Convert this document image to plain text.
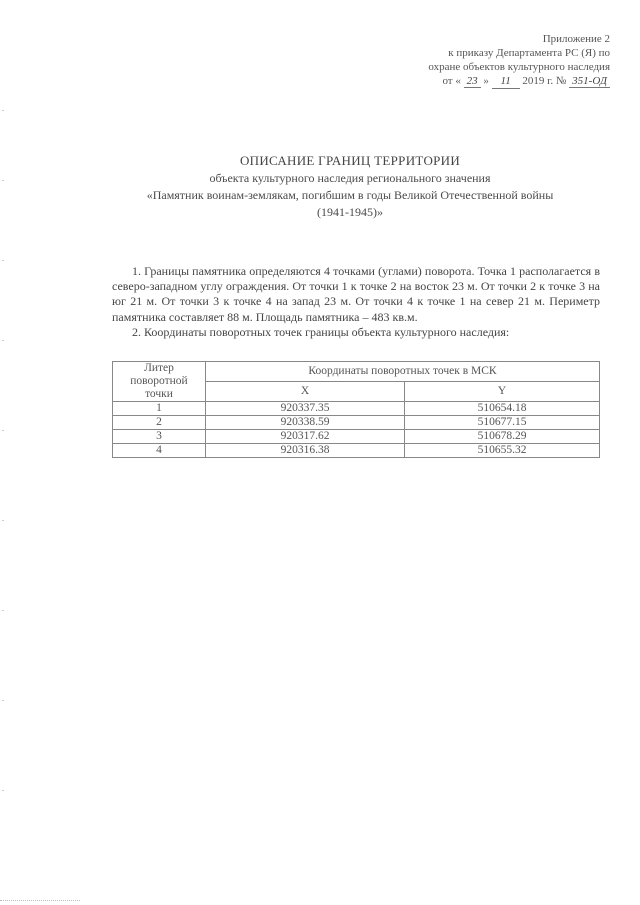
Приложение 2
к приказу Департамента РС (Я) по
охране объектов культурного наследия
от « 23 » 11 2019 г. № 351-ОД
ОПИСАНИЕ ГРАНИЦ ТЕРРИТОРИИ
объекта культурного наследия регионального значения
«Памятник воинам-землякам, погибшим в годы Великой Отечественной войны
(1941-1945)»

1. Границы памятника определяются 4 точками (углами) поворота. Точка 1 располагается в северо-западном углу ограждения. От точки 1 к точке 2 на восток 23 м. От точки 2 к точке 3 на юг 21 м. От точки 3 к точке 4 на запад 23 м. От точки 4 к точке 1 на север 21 м. Периметр памятника составляет 88 м. Площадь памятника – 483 кв.м.

2. Координаты поворотных точек границы объекта культурного наследия:

Литер поворотной точки	Координаты поворотных точек в МСК	
	X	Y
1	920337.35	510654.18
2	920338.59	510677.15
3	920317.62	510678.29
4	920316.38	510655.32
